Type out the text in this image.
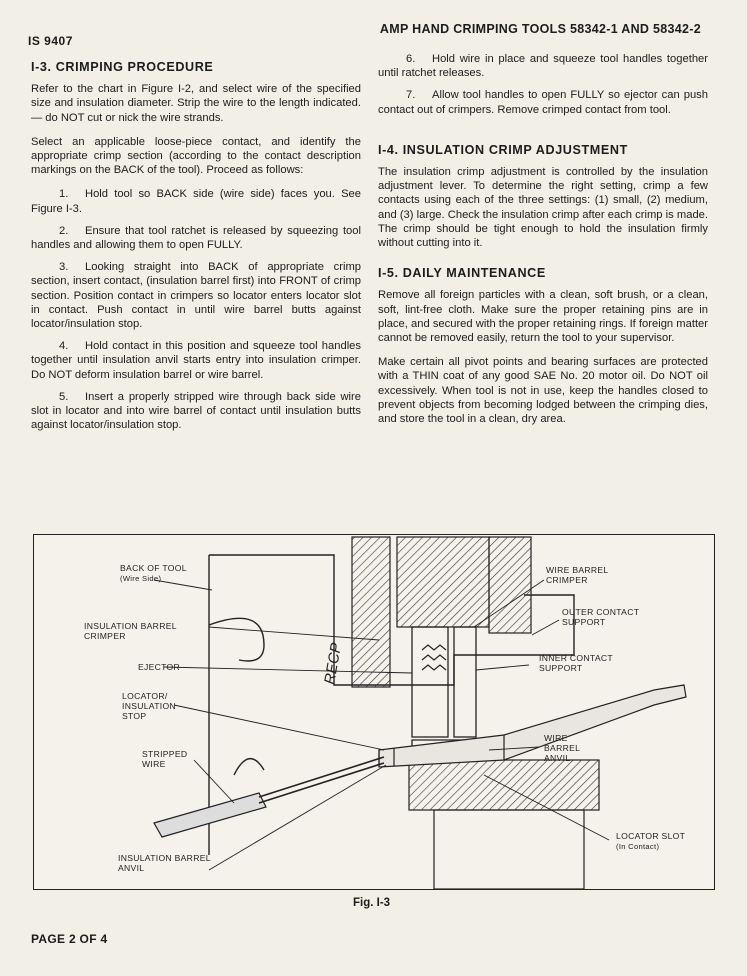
IS 9407
AMP HAND CRIMPING TOOLS 58342-1 AND 58342-2
I-3. CRIMPING PROCEDURE

Refer to the chart in Figure I-2, and select wire of the specified size and insulation diameter. Strip the wire to the length indicated. — do NOT cut or nick the wire strands.

Select an applicable loose-piece contact, and identify the appropriate crimp section (according to the contact description markings on the BACK of the tool). Proceed as follows:

1. Hold tool so BACK side (wire side) faces you. See Figure I-3.
2. Ensure that tool ratchet is released by squeezing tool handles and allowing them to open FULLY.
3. Looking straight into BACK of appropriate crimp section, insert contact, (insulation barrel first) into FRONT of crimp section. Position contact in crimpers so locator enters locator slot in contact. Push contact in until wire barrel butts against locator/insulation stop.
4. Hold contact in this position and squeeze tool handles together until insulation anvil starts entry into insulation crimper. Do NOT deform insulation barrel or wire barrel.
5. Insert a properly stripped wire through back side wire slot in locator and into wire barrel of contact until insulation butts against locator/insulation stop.
6. Hold wire in place and squeeze tool handles together until ratchet releases.
7. Allow tool handles to open FULLY so ejector can push contact out of crimpers. Remove crimped contact from tool.
I-4. INSULATION CRIMP ADJUSTMENT

The insulation crimp adjustment is controlled by the insulation adjustment lever. To determine the right setting, crimp a few contacts using each of the three settings: (1) small, (2) medium, and (3) large. Check the insulation crimp after each crimp is made. The crimp should be tight enough to hold the insulation firmly without cutting into it.

I-5. DAILY MAINTENANCE

Remove all foreign particles with a clean, soft brush, or a clean, soft, lint-free cloth. Make sure the proper retaining pins are in place, and secured with the proper retaining rings. If foreign matter cannot be removed easily, return the tool to your supervisor.

Make certain all pivot points and bearing surfaces are protected with a THIN coat of any good SAE No. 20 motor oil. Do NOT oil excessively. When tool is not in use, keep the handles closed to prevent objects from becoming lodged between the crimping dies, and store the tool in a clean, dry area.

RECP
BACK OF TOOL
(Wire Side)
INSULATION BARREL CRIMPER
EJECTOR
LOCATOR/ INSULATION STOP
STRIPPED WIRE
INSULATION BARREL ANVIL
WIRE BARREL CRIMPER
OUTER CONTACT SUPPORT
INNER CONTACT SUPPORT
WIRE BARREL ANVIL
LOCATOR SLOT
(In Contact)
Fig. I-3
PAGE 2 OF 4
